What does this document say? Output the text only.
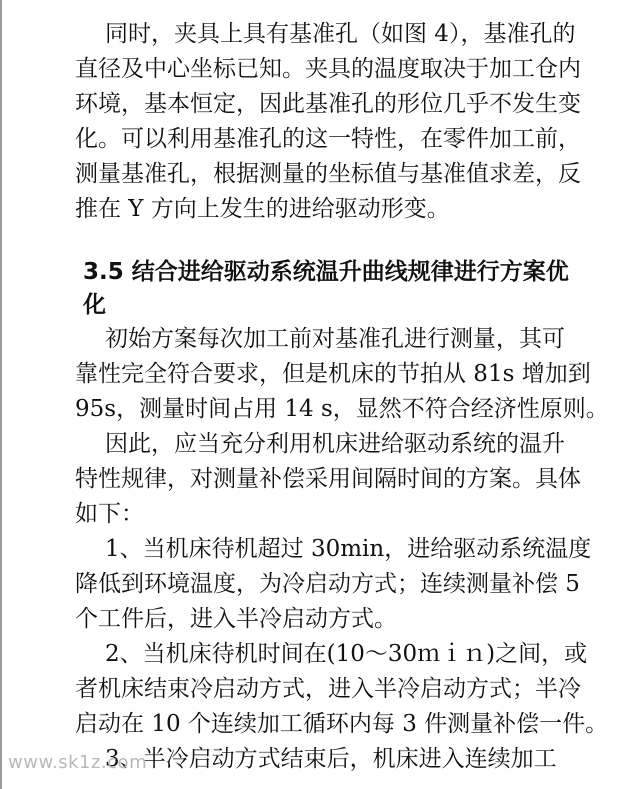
同时，夹具上具有基准孔（如图 4），基准孔的
直径及中心坐标已知。夹具的温度取决于加工仓内
环境，基本恒定，因此基准孔的形位几乎不发生变
化。可以利用基准孔的这一特性，在零件加工前，
测量基准孔，根据测量的坐标值与基准值求差，反
推在 Y 方向上发生的进给驱动形变。
3.5 结合进给驱动系统温升曲线规律进行方案优
化
初始方案每次加工前对基准孔进行测量，其可
靠性完全符合要求，但是机床的节拍从 81s 增加到
95s，测量时间占用 14 s，显然不符合经济性原则。
因此，应当充分利用机床进给驱动系统的温升
特性规律，对测量补偿采用间隔时间的方案。具体
如下：
1、当机床待机超过 30min，进给驱动系统温度
降低到环境温度，为冷启动方式；连续测量补偿 5
个工件后，进入半冷启动方式。
2、当机床待机时间在(10～30ｍｉｎ)之间，或
者机床结束冷启动方式，进入半冷启动方式；半冷
启动在 10 个连续加工循环内每 3 件测量补偿一件。
3、半冷启动方式结束后，机床进入连续加工
www.sk1z.com
